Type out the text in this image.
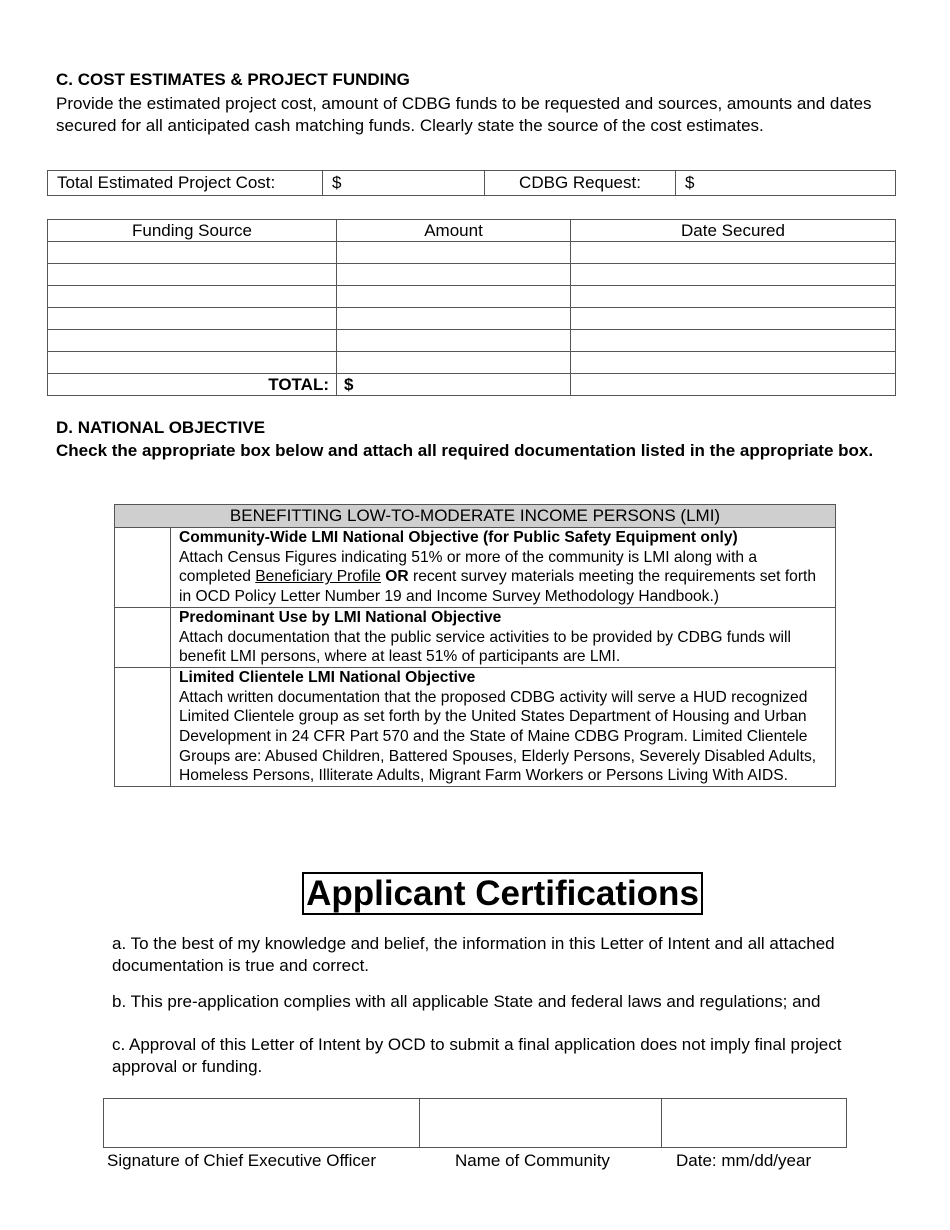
C. COST ESTIMATES & PROJECT FUNDING
Provide the estimated project cost, amount of CDBG funds to be requested and sources, amounts and dates secured for all anticipated cash matching funds. Clearly state the source of the cost estimates.
Total Estimated Project Cost:	$	CDBG Request:	$
Funding Source	Amount	Date Secured

TOTAL:	$	
D. NATIONAL OBJECTIVE
Check the appropriate box below and attach all required documentation listed in the appropriate box.
BENEFITTING LOW-TO-MODERATE INCOME PERSONS (LMI)	

	Community-Wide LMI National Objective (for Public Safety Equipment only)
Attach Census Figures indicating 51% or more of the community is LMI along with a completed Beneficiary Profile OR recent survey materials meeting the requirements set forth in OCD Policy Letter Number 19 and Income Survey Methodology Handbook.)

	Predominant Use by LMI National Objective
Attach documentation that the public service activities to be provided by CDBG funds will benefit LMI persons, where at least 51% of participants are LMI.

	Limited Clientele LMI National Objective
Attach written documentation that the proposed CDBG activity will serve a HUD recognized Limited Clientele group as set forth by the United States Department of Housing and Urban Development in 24 CFR Part 570 and the State of Maine CDBG Program. Limited Clientele Groups are: Abused Children, Battered Spouses, Elderly Persons, Severely Disabled Adults, Homeless Persons, Illiterate Adults, Migrant Farm Workers or Persons Living With AIDS.
Applicant Certifications
a. To the best of my knowledge and belief, the information in this Letter of Intent and all attached documentation is true and correct.
b. This pre-application complies with all applicable State and federal laws and regulations; and
c. Approval of this Letter of Intent by OCD to submit a final application does not imply final project approval or funding.

Signature of Chief Executive Officer	Name of Community	Date: mm/dd/year
